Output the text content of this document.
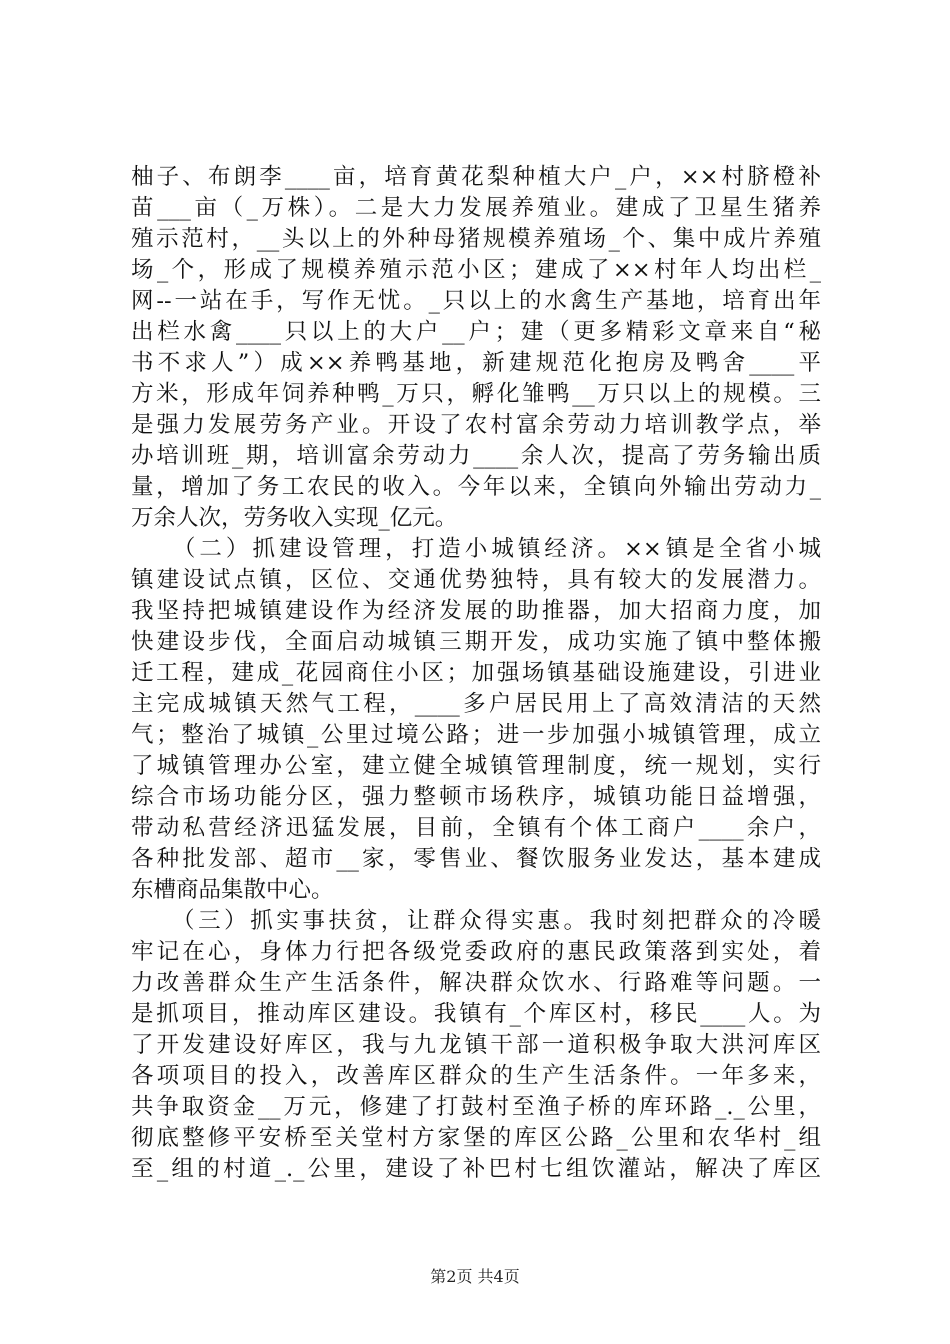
柚子、布朗李____亩，培育黄花梨种植大户_户，××村脐橙补
苗___亩（_万株）。二是大力发展养殖业。建成了卫星生猪养
殖示范村，__头以上的外种母猪规模养殖场_个、集中成片养殖
场_个，形成了规模养殖示范小区；建成了××村年人均出栏_
网--一站在手，写作无忧。_只以上的水禽生产基地，培育出年
出栏水禽____只以上的大户__户；建（更多精彩文章来自“秘
书不求人”）成××养鸭基地，新建规范化抱房及鸭舍____平
方米，形成年饲养种鸭_万只，孵化雏鸭__万只以上的规模。三
是强力发展劳务产业。开设了农村富余劳动力培训教学点，举
办培训班_期，培训富余劳动力____余人次，提高了劳务输出质
量，增加了务工农民的收入。今年以来，全镇向外输出劳动力_
万余人次，劳务收入实现_亿元。
　　（二）抓建设管理，打造小城镇经济。××镇是全省小城
镇建设试点镇，区位、交通优势独特，具有较大的发展潜力。
我坚持把城镇建设作为经济发展的助推器，加大招商力度，加
快建设步伐，全面启动城镇三期开发，成功实施了镇中整体搬
迁工程，建成_花园商住小区；加强场镇基础设施建设，引进业
主完成城镇天然气工程，____多户居民用上了高效清洁的天然
气；整治了城镇_公里过境公路；进一步加强小城镇管理，成立
了城镇管理办公室，建立健全城镇管理制度，统一规划，实行
综合市场功能分区，强力整顿市场秩序，城镇功能日益增强，
带动私营经济迅猛发展，目前，全镇有个体工商户____余户，
各种批发部、超市__家，零售业、餐饮服务业发达，基本建成
东槽商品集散中心。
　　（三）抓实事扶贫，让群众得实惠。我时刻把群众的冷暖
牢记在心，身体力行把各级党委政府的惠民政策落到实处，着
力改善群众生产生活条件，解决群众饮水、行路难等问题。一
是抓项目，推动库区建设。我镇有_个库区村，移民____人。为
了开发建设好库区，我与九龙镇干部一道积极争取大洪河库区
各项项目的投入，改善库区群众的生产生活条件。一年多来，
共争取资金__万元，修建了打鼓村至渔子桥的库环路_._公里，
彻底整修平安桥至关堂村方家堡的库区公路_公里和农华村_组
至_组的村道_._公里，建设了补巴村七组饮灌站，解决了库区
第2页 共4页
